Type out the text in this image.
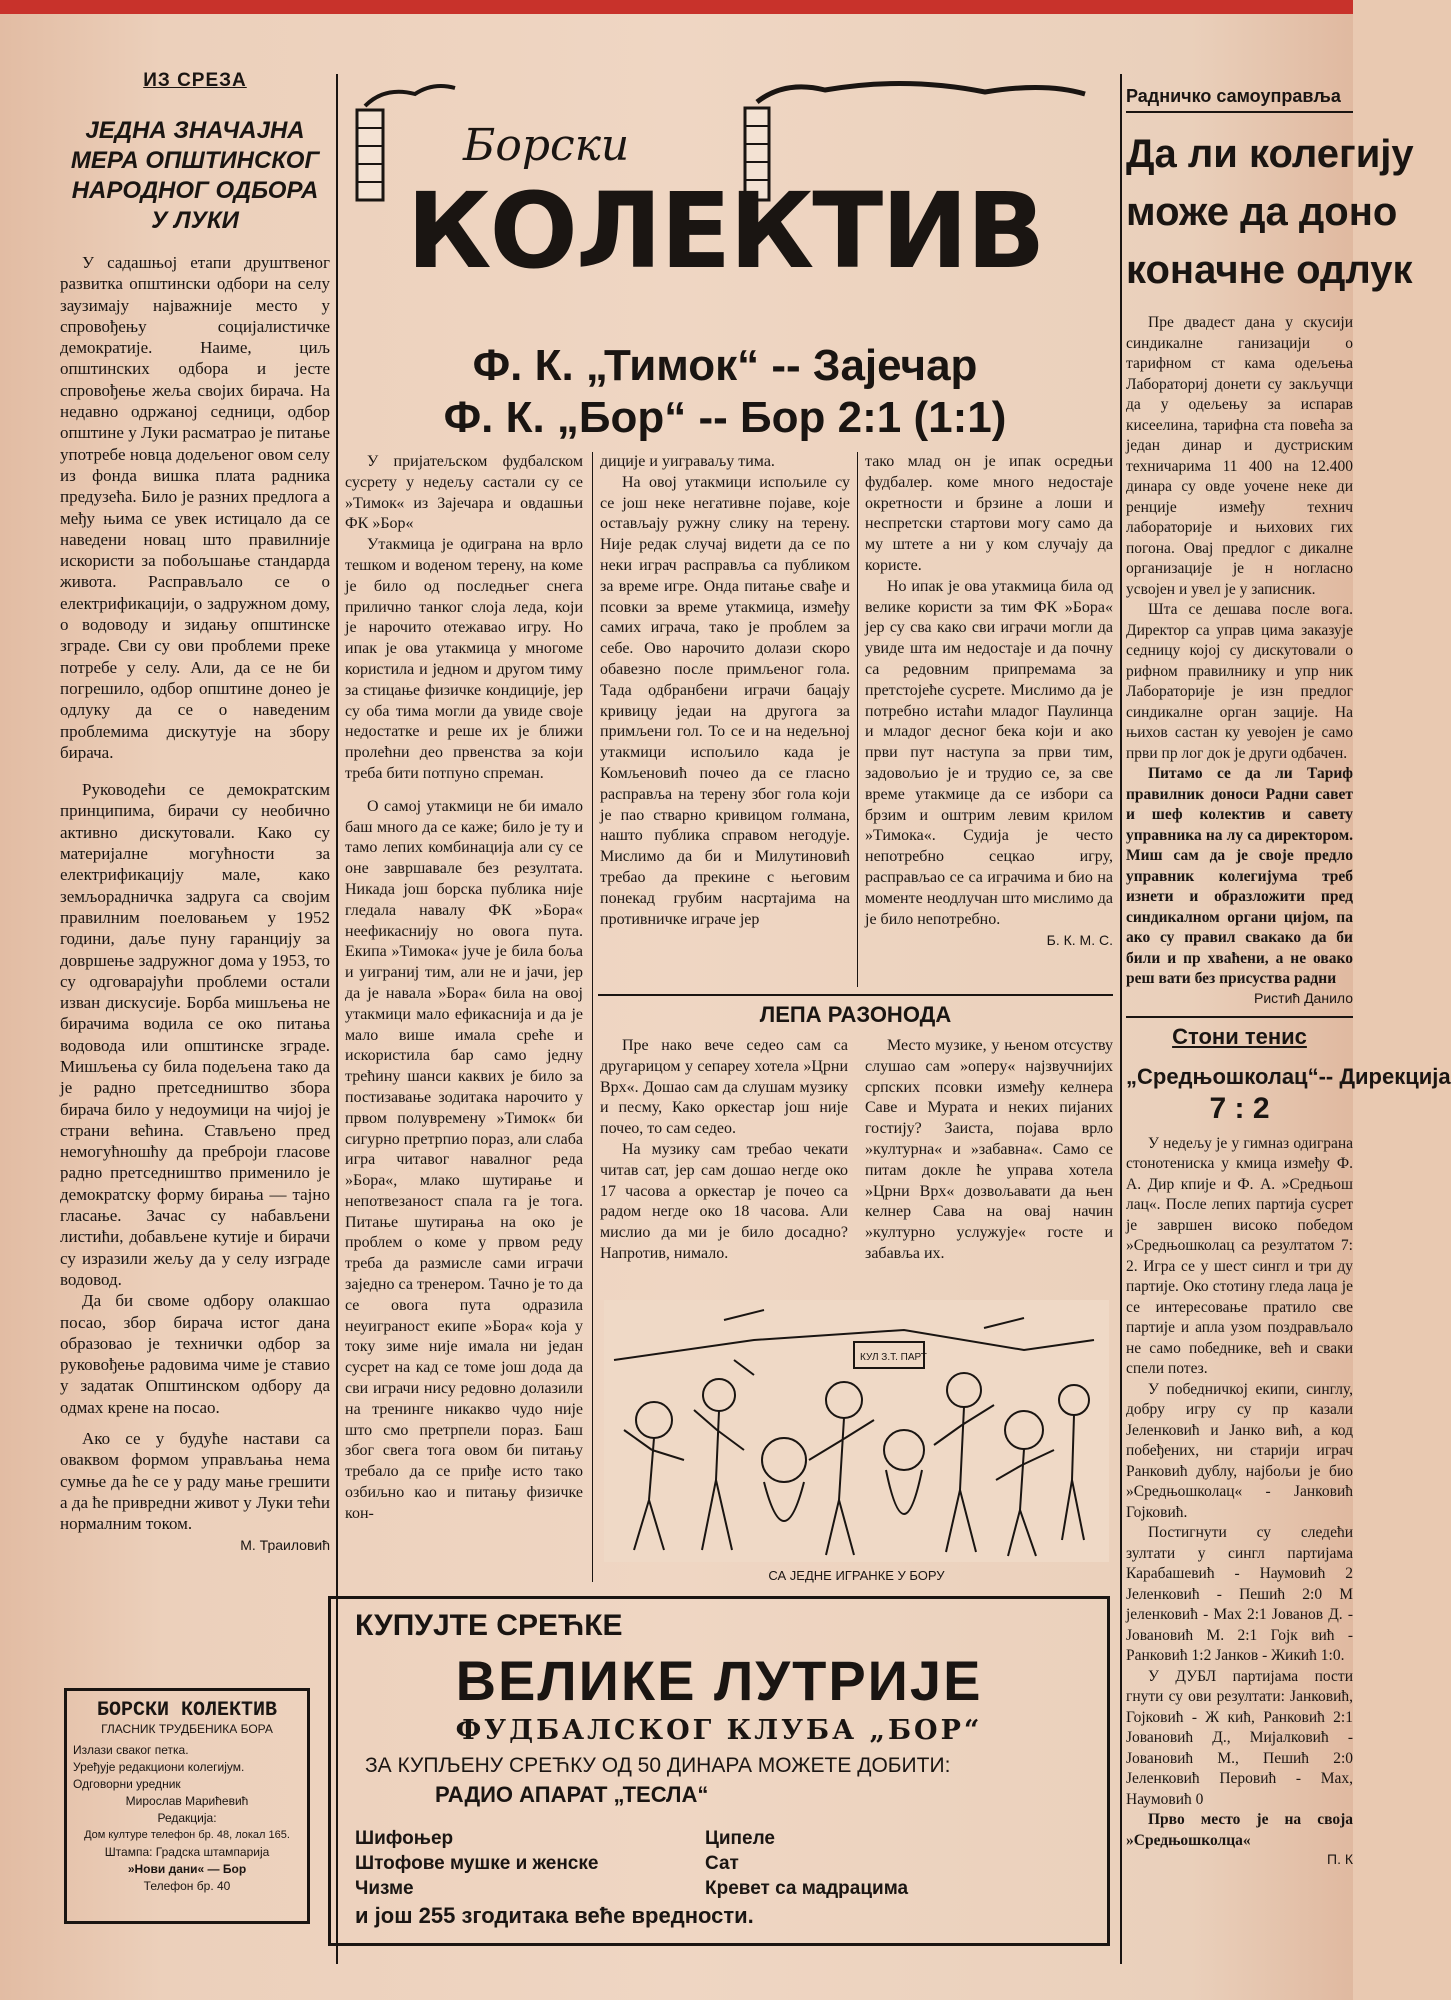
ИЗ СРЕЗА
ЈЕДНА ЗНАЧАЈНА
МЕРА ОПШТИНСКОГ
НАРОДНОГ ОДБОРА
У ЛУКИ

У садашњој етапи друштвеног развитка општински одбори на селу заузимају најважније место у спровођењу социјалистичке демократије. Наиме, циљ општинских одбора и јесте спровођење жеља својих бирача. На недавно одржаној седници, одбор општине у Луки расматрао је питање употребе новца додељеног овом селу из фонда вишка плата радника предузећа. Било је разних предлога а међу њима се увек истицало да се наведени новац што правилније искористи за побољшање стандарда живота. Расправљало се о електрификацији, о задружном дому, о водоводу и зидању општинске зграде. Сви су ови проблеми преке потребе у селу. Али, да се не би погрешило, одбор општине донео је одлуку да се о наведеним проблемима дискутује на збору бирача.

Руководећи се демократским принципима, бирачи су необично активно дискутовали. Како су материјалне могућности за електрификацију мале, како земљорадничка задруга са својим правилним поеловањем у 1952 години, даље пуну гаранцију за довршење задружног дома у 1953, то су одговарајући проблеми остали изван дискусије. Борба мишљења не бирачима водила се око питања водовода или општинске зграде. Мишљења су била подељена тако да је радно претседништво збора бирача било у недоумици на чијој је страни већина. Стављено пред немогућношћу да преброји гласове радно претседништво применило је демократску форму бирања — тајно гласање. Зачас су набављени листићи, добављене кутије и бирачи су изразили жељу да у селу изграде водовод.

Да би своме одбору олакшао посао, збор бирача истог дана образовао је технички одбор за руковођење радовима чиме је ставио у задатак Општинском одбору да одмах крене на посао.

Ако се у будуће настави са оваквом формом управљања нема сумње да ће се у раду мање грешити а да ће привредни живот у Луки тећи нормалним током.

М. Траиловић
БОРСКИ КОЛЕКТИВ
ГЛАСНИК ТРУДБЕНИКА БОРА
Излази сваког петка.
Уређује редакциони колегијум.
Одговорни уредник
Мирослав Марићевић
Редакција:
Дом културе телефон бр. 48, локал 165.
Штампа: Градска штампарија
»Нови дани« — Бор
Телефон бр. 40
Борски
КОЛЕКТИВ
Ф. К. „Тимок“ -- Зајечар
Ф. К. „Бор“ -- Бор 2:1 (1:1)

У пријатељском фудбалском сусрету у недељу састали су се »Тимок« из Зајечара и овдашњи ФК »Бор«

Утакмица је одиграна на врло тешком и воденом терену, на коме је било од последњег снега прилично танког слоја леда, који је нарочито отежавао игру. Но ипак је ова утакмица у многоме користила и једном и другом тиму за стицање физичке кондиције, јер су оба тима могли да увиде своје недостатке и реше их је ближи пролећни део првенства за који треба бити потпуно спреман.

О самој утакмици не би имало баш много да се каже; било је ту и тамо лепих комбинација али су се оне завршавале без резултата. Никада још борска публика није гледала навалу ФК »Бора« неефикаснију но овога пута. Екипа »Тимока« јуче је била боља и уиграниј тим, али не и јачи, јер да је навала »Бора« била на овој утакмици мало ефикаснија и да је мало више имала среће и искористила бар само једну трећину шанси каквих је било за постизавање зодитака нарочито у првом полувремену »Тимок« би сигурно претрпио пораз, али слаба игра читавог навалног реда »Бора«, млако шутирање и непотвезаност спала га је тога. Питање шутирања на око је проблем о коме у првом реду треба да размисле сами играчи заједно са тренером. Тачно је то да се овога пута одразила неуиграност екипе »Бора« која у току зиме није имала ни један сусрет на кад се томе још дода да сви играчи нису редовно долазили на тренинге никакво чудо није што смо претрпели пораз. Баш због свега тога овом би питању требало да се приђе исто тако озбиљно као и питању физичке кон-

диције и уиграваљу тима.

На овој утакмици испољиле су се још неке негативне појаве, које остављају ружну слику на терену. Није редак случај видети да се по неки играч расправља са публиком за време игре. Онда питање свађе и псовки за време утакмица, између самих играча, тако је проблем за себе. Ово нарочито долази скоро обавезно после примљеног гола. Тада одбранбени играчи бацају кривицу једаи на другога за примљени гол. То се и на недељној утакмици испољило када је Комљеновић почео да се гласно расправља на терену због гола који је пао стварно кривицом голмана, нашто публика справом негодује. Мислимо да би и Милутиновић требао да прекине с његовим понекад грубим насртајима на противничке играче јер

тако млад он је ипак осредњи фудбалер. коме много недостаје окретности и брзине а лоши и неспретски стартови могу само да му штете а ни у ком случају да користе.

Но ипак је ова утакмица била од велике користи за тим ФК »Бора« јер су сва како сви играчи могли да увиде шта им недостаје и да почну са редовним припремама за претстојеће сусрете. Мислимо да је потребно истаћи младог Паулинца и младог десног бека који и ако први пут наступа за први тим, задовољио је и трудио се, за све време утакмице да се избори са брзим и оштрим левим крилом »Тимока«. Судија је често непотребно сецкао игру, расправљао се са играчима и био на моменте неодлучан што мислимо да је било непотребно.

Б. К. М. С.
ЛЕПА РАЗОНОДА

Пре нако вече седео сам са другарицом у сепареу хотела »Црни Врх«. Дошао сам да слушам музику и песму, Како оркестар још није почео, то сам седео.

На музику сам требао чекати читав сат, јер сам дошао негде око 17 часова а оркестар је почео са радом негде око 18 часова. Али мислио да ми је било досадно? Напротив, нимало.

Место музике, у њеном отсуству слушао сам »оперу« најзвучнијих српских псовки између келнера Саве и Мурата и неких пијаних гостију? Заиста, појава врло »културна« и »забавна«. Само се питам докле ће управа хотела »Црни Врх« дозвољавати да њен келнер Сава на овај начин »културно услужује« госте и забавља их.

КУЛ З.Т. ПАРТ
СА ЈЕДНЕ ИГРАНКЕ У БОРУ
КУПУЈТЕ СРЕЋКЕ
ВЕЛИКЕ ЛУТРИЈЕ
ФУДБАЛСКОГ КЛУБА „БОР“
ЗА КУПЉЕНУ СРЕЋКУ ОД 50 ДИНАРА МОЖЕТЕ ДОБИТИ:
РАДИО АПАРАТ „ТЕСЛА“
Шифоњер
Штофове мушке и женске
Чизме
Ципеле
Сат
Кревет са мадрацима
и још 255 згодитака веће вредности.
Радничко самоуправља
Да ли колегију
може да доно
коначне одлук

Пре двадест дана у скусији синдикалне ганизацији о тарифном ст кама одељења Лабораториј донети су закључци да у одељењу за испарав кисеелина, тарифна ста повећа за један динар и дустриским техничарима 11 400 на 12.400 динара су овде уочене неке ди ренције између технич лабораторије и њихових гих погона. Овај предлог с дикалне организације је н ногласно усвојен и увел је у записник.

Шта се дешава после вога. Директор са управ цима заказује седницу којој су дискутовали о рифном правилнику и упр ник Лабораторије је изн предлог синдикалне орган зације. На њихов састан ку уевојен је само први пр лог док је други одбачен.

Питамо се да ли Тариф правилник доноси Радни савет и шеф колектив и савету управника на лу са директором. Миш сам да је своје предло управник колегијума треб изнети и образложити пред синдикалном органи цијом, па ако су правил свакако да би били и пр хваћени, а не овако реш вати без присуства радни

Ристић Данило
Стони тенис
„Средњошколац“-- Дирекција
7 : 2

У недељу је у гимназ одиграна стонотениска у кмица између Ф. А. Дир кпије и Ф. А. »Средњош лац«. После лепих партија сусрет је завршен високо победом »Средњошколац са резултатом 7: 2. Игра се у шест сингл и три ду партије. Око стотину гледа лаца је се интересовање пратило све партије и апла узом поздрављало не само победнике, већ и сваки спели потез.

У победничкој екипи, синглу, добру игру су пр казали Јеленковић и Јанко вић, а код побеђених, ни старији играч Ранковић дублу, најбољи је био »Средњошколац« - Јанковић Гојковић.

Постигнути су следећи зултати у сингл партијама Карабашевић - Наумовић 2 Јеленковић - Пешић 2:0 М јеленковић - Мах 2:1 Јованов Д. - Јовановић М. 2:1 Гојк вић - Ранковић 1:2 Јанков - Жикић 1:0.

У ДУБЛ партијама пости гнути су ови резултати: Јанковић, Гојковић - Ж кић, Ранковић 2:1 Јовановић Д., Мијалковић - Јовановић М., Пешић 2:0 Јеленковић Перовић - Мах, Наумовић 0

Прво место је на своја »Средњошколца«

П. К
